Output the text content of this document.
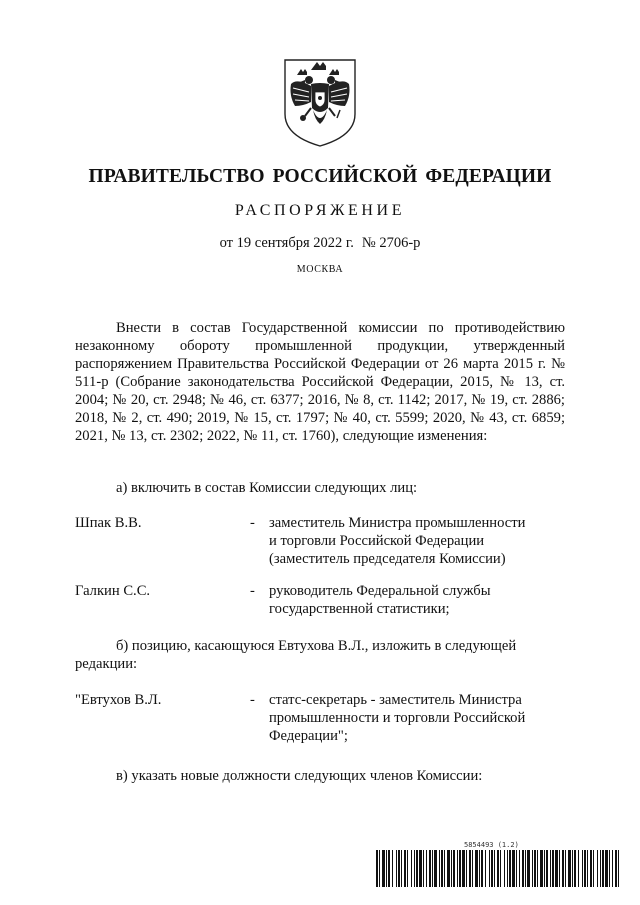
ПРАВИТЕЛЬСТВО РОССИЙСКОЙ ФЕДЕРАЦИИ
РАСПОРЯЖЕНИЕ
от 19 сентября 2022 г. № 2706-р
МОСКВА

Внести в состав Государственной комиссии по противодействию незаконному обороту промышленной продукции, утвержденный распоряжением Правительства Российской Федерации от 26 марта 2015 г. № 511-р (Собрание законодательства Российской Федерации, 2015, № 13, ст. 2004; № 20, ст. 2948; № 46, ст. 6377; 2016, № 8, ст. 1142; 2017, № 19, ст. 2886; 2018, № 2, ст. 490; 2019, № 15, ст. 1797; № 40, ст. 5599; 2020, № 43, ст. 6859; 2021, № 13, ст. 2302; 2022, № 11, ст. 1760), следующие изменения:

а) включить в состав Комиссии следующих лиц:

Шпак В.В.	- заместитель Министра промышленности
и торговли Российской Федерации
(заместитель председателя Комиссии)
Галкин С.С.	- руководитель Федеральной службы
государственной статистики;

б) позицию, касающуюся Евтухова В.Л., изложить в следующей редакции:

"Евтухов В.Л.	- статс-секретарь - заместитель Министра
промышленности и торговли Российской
Федерации";

в) указать новые должности следующих членов Комиссии:

5854493 (1.2)
